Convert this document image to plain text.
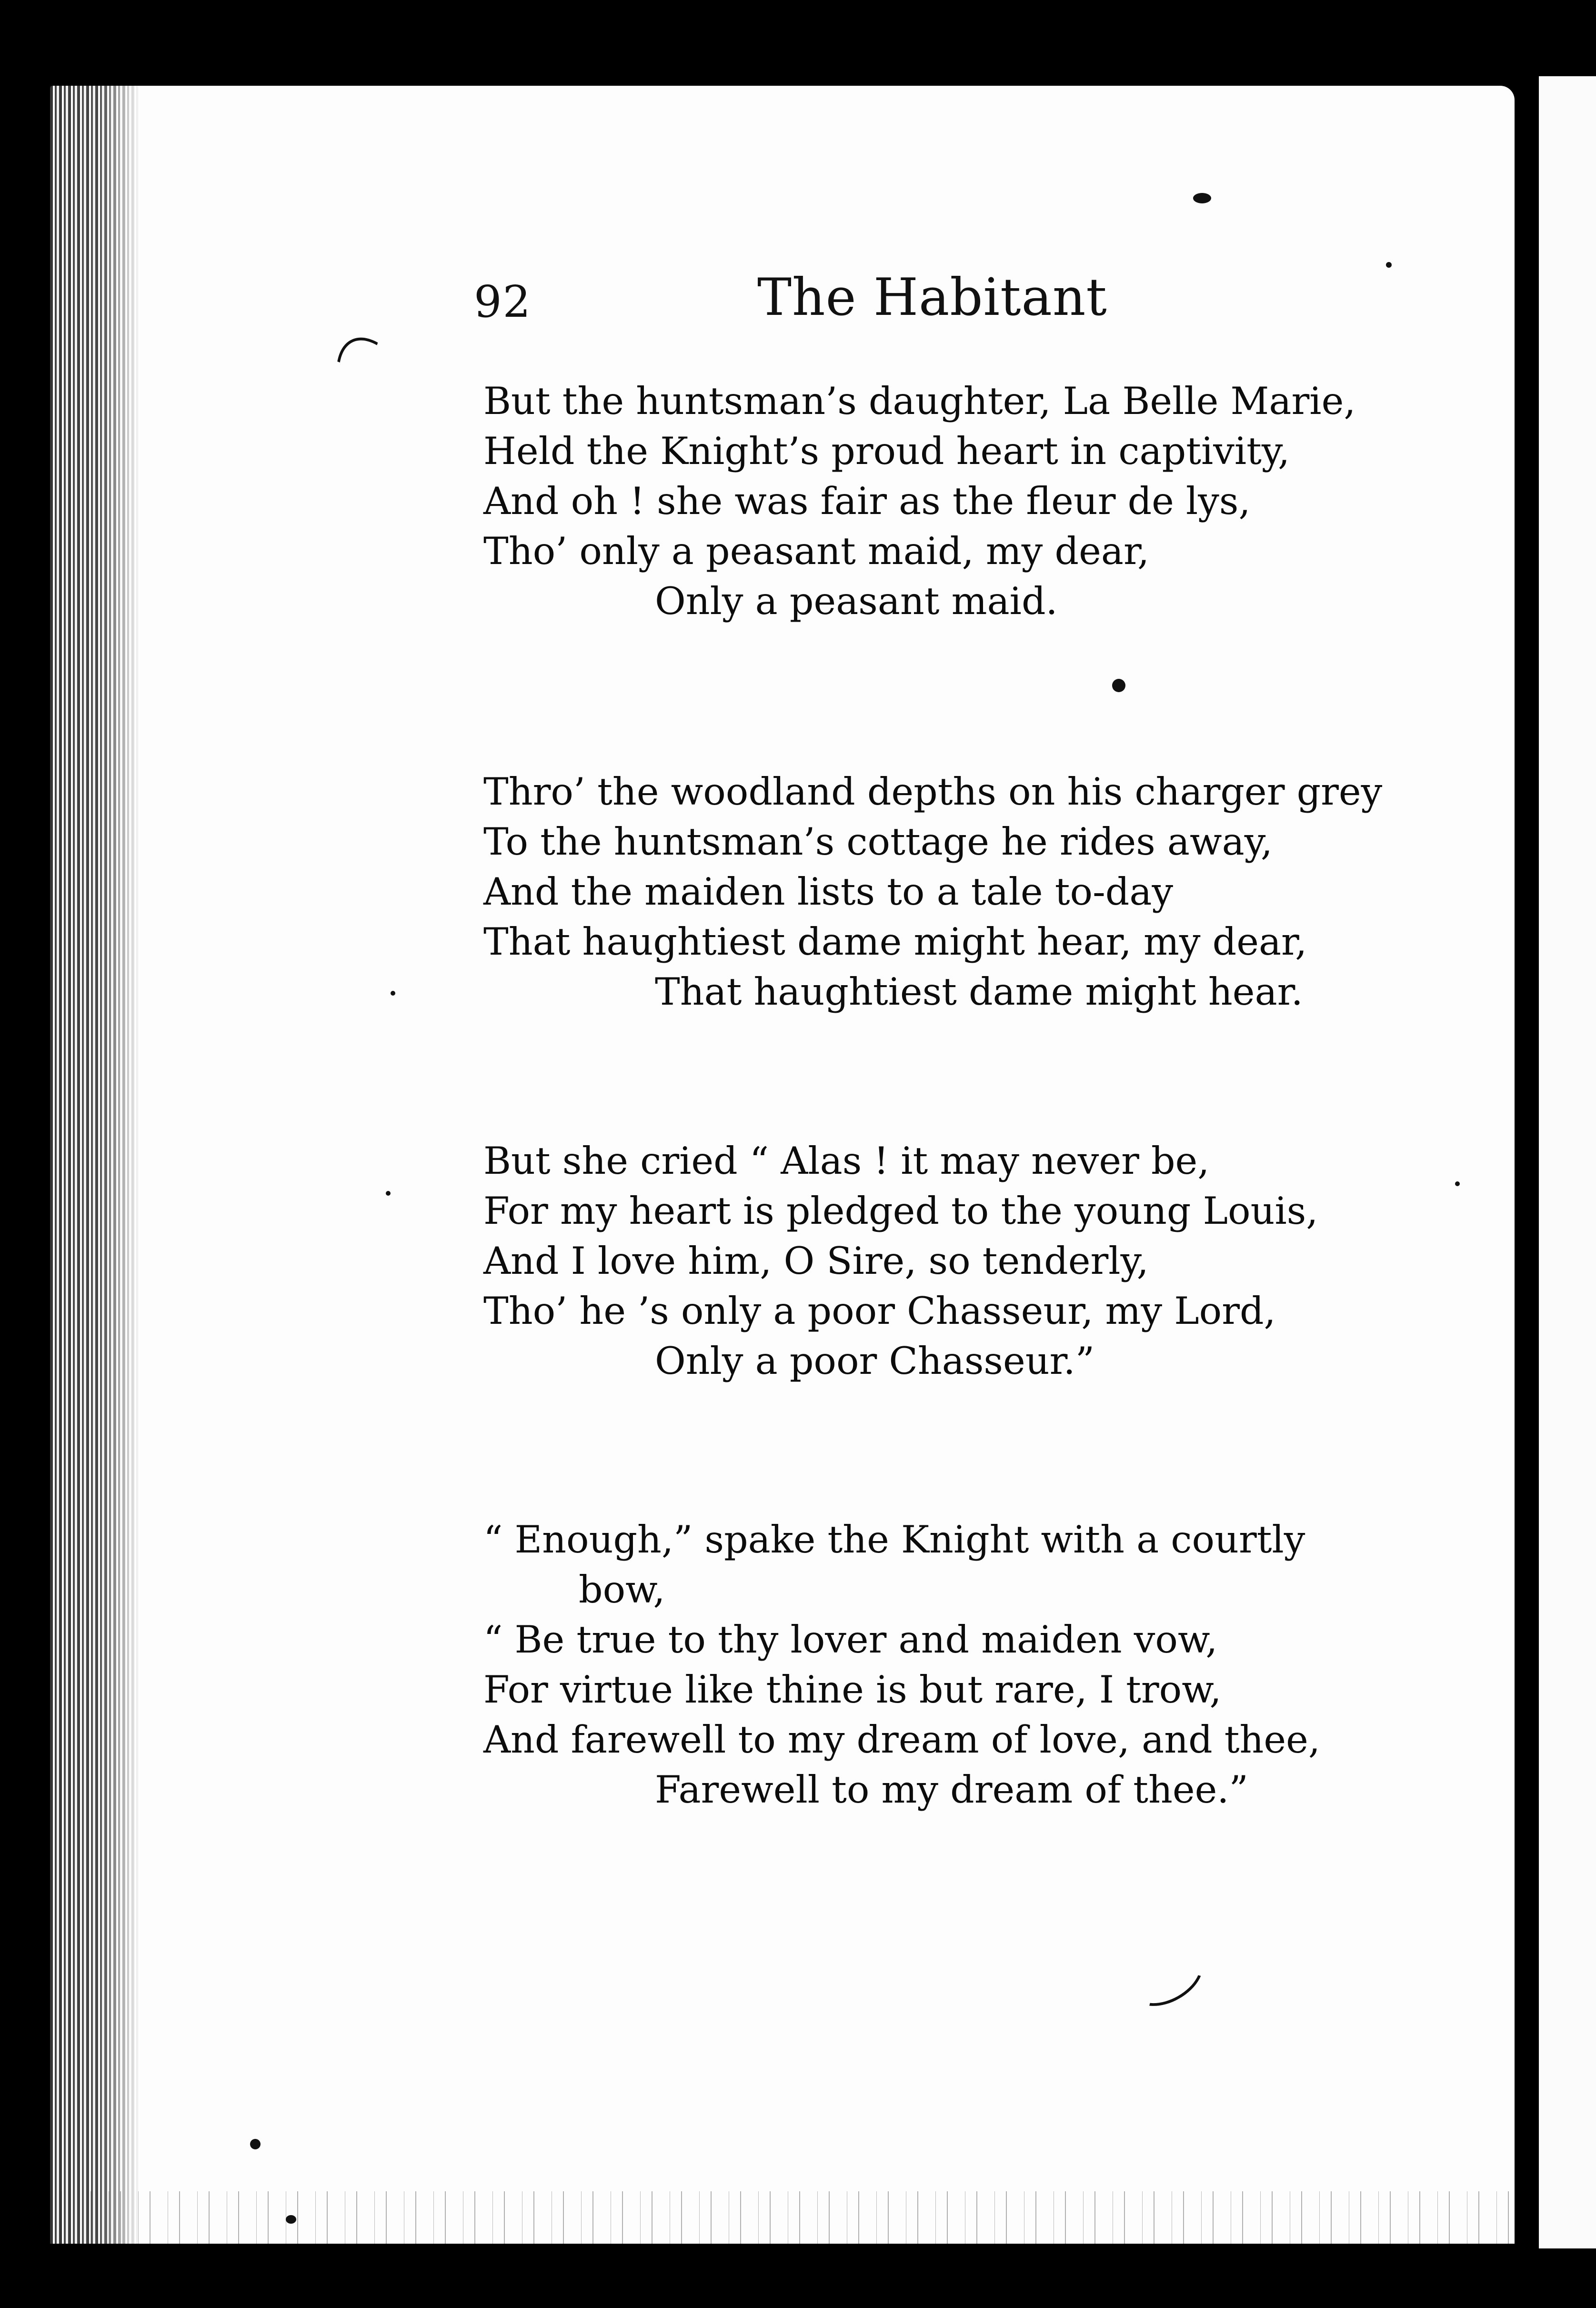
92	The Habitant
But the huntsman’s daughter, La Belle Marie,
Held the Knight’s proud heart in captivity,
And oh ! she was fair as the fleur de lys,
Tho’ only a peasant maid, my dear,
Only a peasant maid.
Thro’ the woodland depths on his charger grey
To the huntsman’s cottage he rides away,
And the maiden lists to a tale to-day
That haughtiest dame might hear, my dear,
That haughtiest dame might hear.
But she cried “ Alas ! it may never be,
For my heart is pledged to the young Louis,
And I love him, O Sire, so tenderly,
Tho’ he ’s only a poor Chasseur, my Lord,
Only a poor Chasseur.”
“ Enough,” spake the Knight with a courtly
bow,
“ Be true to thy lover and maiden vow,
For virtue like thine is but rare, I trow,
And farewell to my dream of love, and thee,
Farewell to my dream of thee.”
